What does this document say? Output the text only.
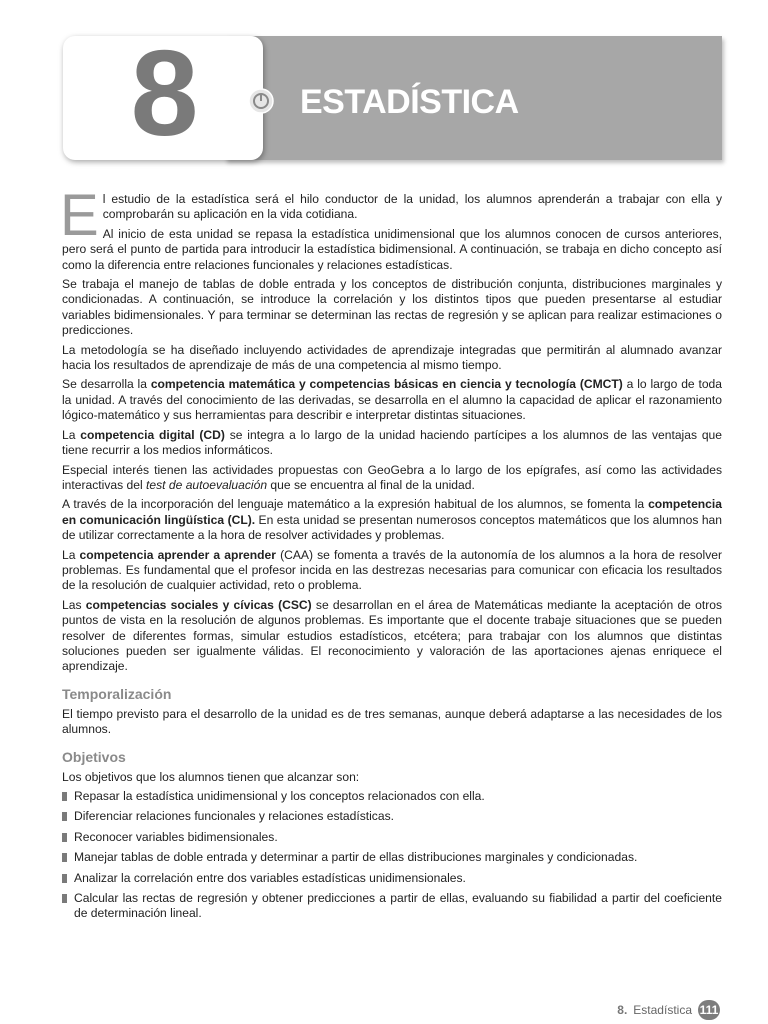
8	ESTADÍSTICA

El estudio de la estadística será el hilo conductor de la unidad, los alumnos aprenderán a trabajar con ella y comprobarán su aplicación en la vida cotidiana.

Al inicio de esta unidad se repasa la estadística unidimensional que los alumnos conocen de cursos anteriores, pero será el punto de partida para introducir la estadística bidimensional. A continuación, se trabaja en dicho concepto así como la diferencia entre relaciones funcionales y relaciones estadísticas.

Se trabaja el manejo de tablas de doble entrada y los conceptos de distribución conjunta, distribuciones marginales y condicionadas. A continuación, se introduce la correlación y los distintos tipos que pueden presentarse al estudiar variables bidimensionales. Y para terminar se determinan las rectas de regresión y se aplican para realizar estimaciones o predicciones.

La metodología se ha diseñado incluyendo actividades de aprendizaje integradas que permitirán al alumnado avanzar hacia los resultados de aprendizaje de más de una competencia al mismo tiempo.

Se desarrolla la competencia matemática y competencias básicas en ciencia y tecnología (CMCT) a lo largo de toda la unidad. A través del conocimiento de las derivadas, se desarrolla en el alumno la capacidad de aplicar el razonamiento lógico-matemático y sus herramientas para describir e interpretar distintas situaciones.

La competencia digital (CD) se integra a lo largo de la unidad haciendo partícipes a los alumnos de las ventajas que tiene recurrir a los medios informáticos.

Especial interés tienen las actividades propuestas con GeoGebra a lo largo de los epígrafes, así como las actividades interactivas del test de autoevaluación que se encuentra al final de la unidad.

A través de la incorporación del lenguaje matemático a la expresión habitual de los alumnos, se fomenta la competencia en comunicación lingüística (CL). En esta unidad se presentan numerosos conceptos matemáticos que los alumnos han de utilizar correctamente a la hora de resolver actividades y problemas.

La competencia aprender a aprender (CAA) se fomenta a través de la autonomía de los alumnos a la hora de resolver problemas. Es fundamental que el profesor incida en las destrezas necesarias para comunicar con eficacia los resultados de la resolución de cualquier actividad, reto o problema.

Las competencias sociales y cívicas (CSC) se desarrollan en el área de Matemáticas mediante la aceptación de otros puntos de vista en la resolución de algunos problemas. Es importante que el docente trabaje situaciones que se pueden resolver de diferentes formas, simular estudios estadísticos, etcétera; para trabajar con los alumnos que distintas soluciones pueden ser igualmente válidas. El reconocimiento y valoración de las aportaciones ajenas enriquece el aprendizaje.

Temporalización

El tiempo previsto para el desarrollo de la unidad es de tres semanas, aunque deberá adaptarse a las necesidades de los alumnos.

Objetivos

Los objetivos que los alumnos tienen que alcanzar son:

Repasar la estadística unidimensional y los conceptos relacionados con ella.
Diferenciar relaciones funcionales y relaciones estadísticas.
Reconocer variables bidimensionales.
Manejar tablas de doble entrada y determinar a partir de ellas distribuciones marginales y condicionadas.
Analizar la correlación entre dos variables estadísticas unidimensionales.
Calcular las rectas de regresión y obtener predicciones a partir de ellas, evaluando su fiabilidad a partir del coeficiente de determinación lineal.
8. Estadística 111
